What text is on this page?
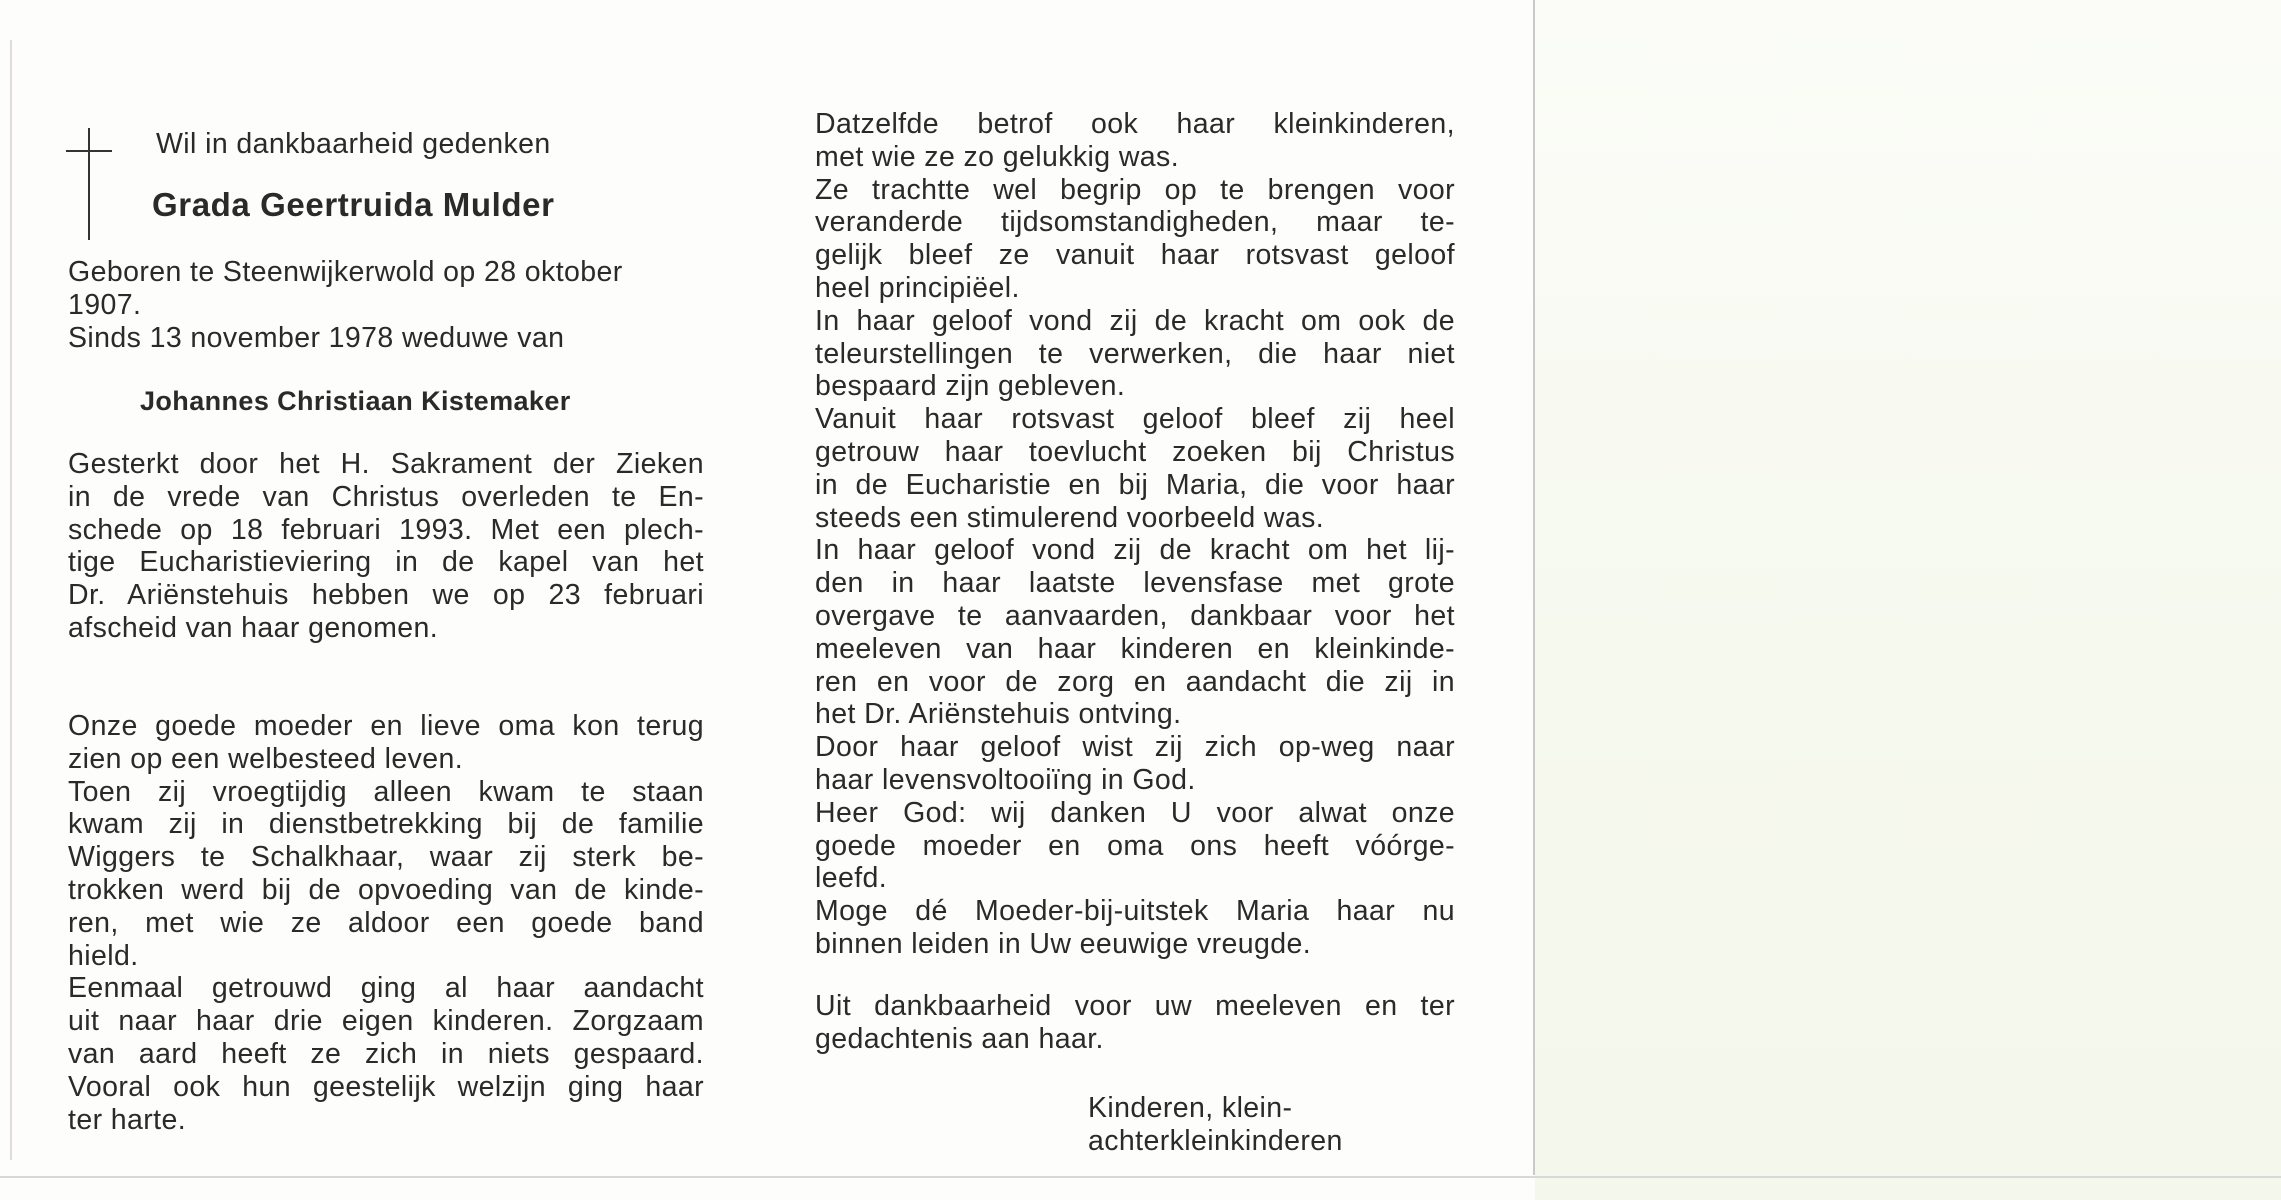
Wil in dankbaarheid gedenken
Grada Geertruida Mulder
Geboren te Steenwijkerwold op 28 oktober
1907.
Sinds 13 november 1978 weduwe van
Johannes Christiaan Kistemaker
Gesterkt door het H. Sakrament der Zieken
in de vrede van Christus overleden te En-
schede op 18 februari 1993. Met een plech-
tige Eucharistieviering in de kapel van het
Dr. Ariënstehuis hebben we op 23 februari
afscheid van haar genomen.
Onze goede moeder en lieve oma kon terug
zien op een welbesteed leven.
Toen zij vroegtijdig alleen kwam te staan
kwam zij in dienstbetrekking bij de familie
Wiggers te Schalkhaar, waar zij sterk be-
trokken werd bij de opvoeding van de kinde-
ren, met wie ze aldoor een goede band
hield.
Eenmaal getrouwd ging al haar aandacht
uit naar haar drie eigen kinderen. Zorgzaam
van aard heeft ze zich in niets gespaard.
Vooral ook hun geestelijk welzijn ging haar
ter harte.
Datzelfde betrof ook haar kleinkinderen,
met wie ze zo gelukkig was.
Ze trachtte wel begrip op te brengen voor
veranderde tijdsomstandigheden, maar te-
gelijk bleef ze vanuit haar rotsvast geloof
heel principiëel.
In haar geloof vond zij de kracht om ook de
teleurstellingen te verwerken, die haar niet
bespaard zijn gebleven.
Vanuit haar rotsvast geloof bleef zij heel
getrouw haar toevlucht zoeken bij Christus
in de Eucharistie en bij Maria, die voor haar
steeds een stimulerend voorbeeld was.
In haar geloof vond zij de kracht om het lij-
den in haar laatste levensfase met grote
overgave te aanvaarden, dankbaar voor het
meeleven van haar kinderen en kleinkinde-
ren en voor de zorg en aandacht die zij in
het Dr. Ariënstehuis ontving.
Door haar geloof wist zij zich op-weg naar
haar levensvoltooiïng in God.
Heer God: wij danken U voor alwat onze
goede moeder en oma ons heeft vóórge-
leefd.
Moge dé Moeder-bij-uitstek Maria haar nu
binnen leiden in Uw eeuwige vreugde.
Uit dankbaarheid voor uw meeleven en ter
gedachtenis aan haar.
Kinderen, klein-
achterkleinkinderen
